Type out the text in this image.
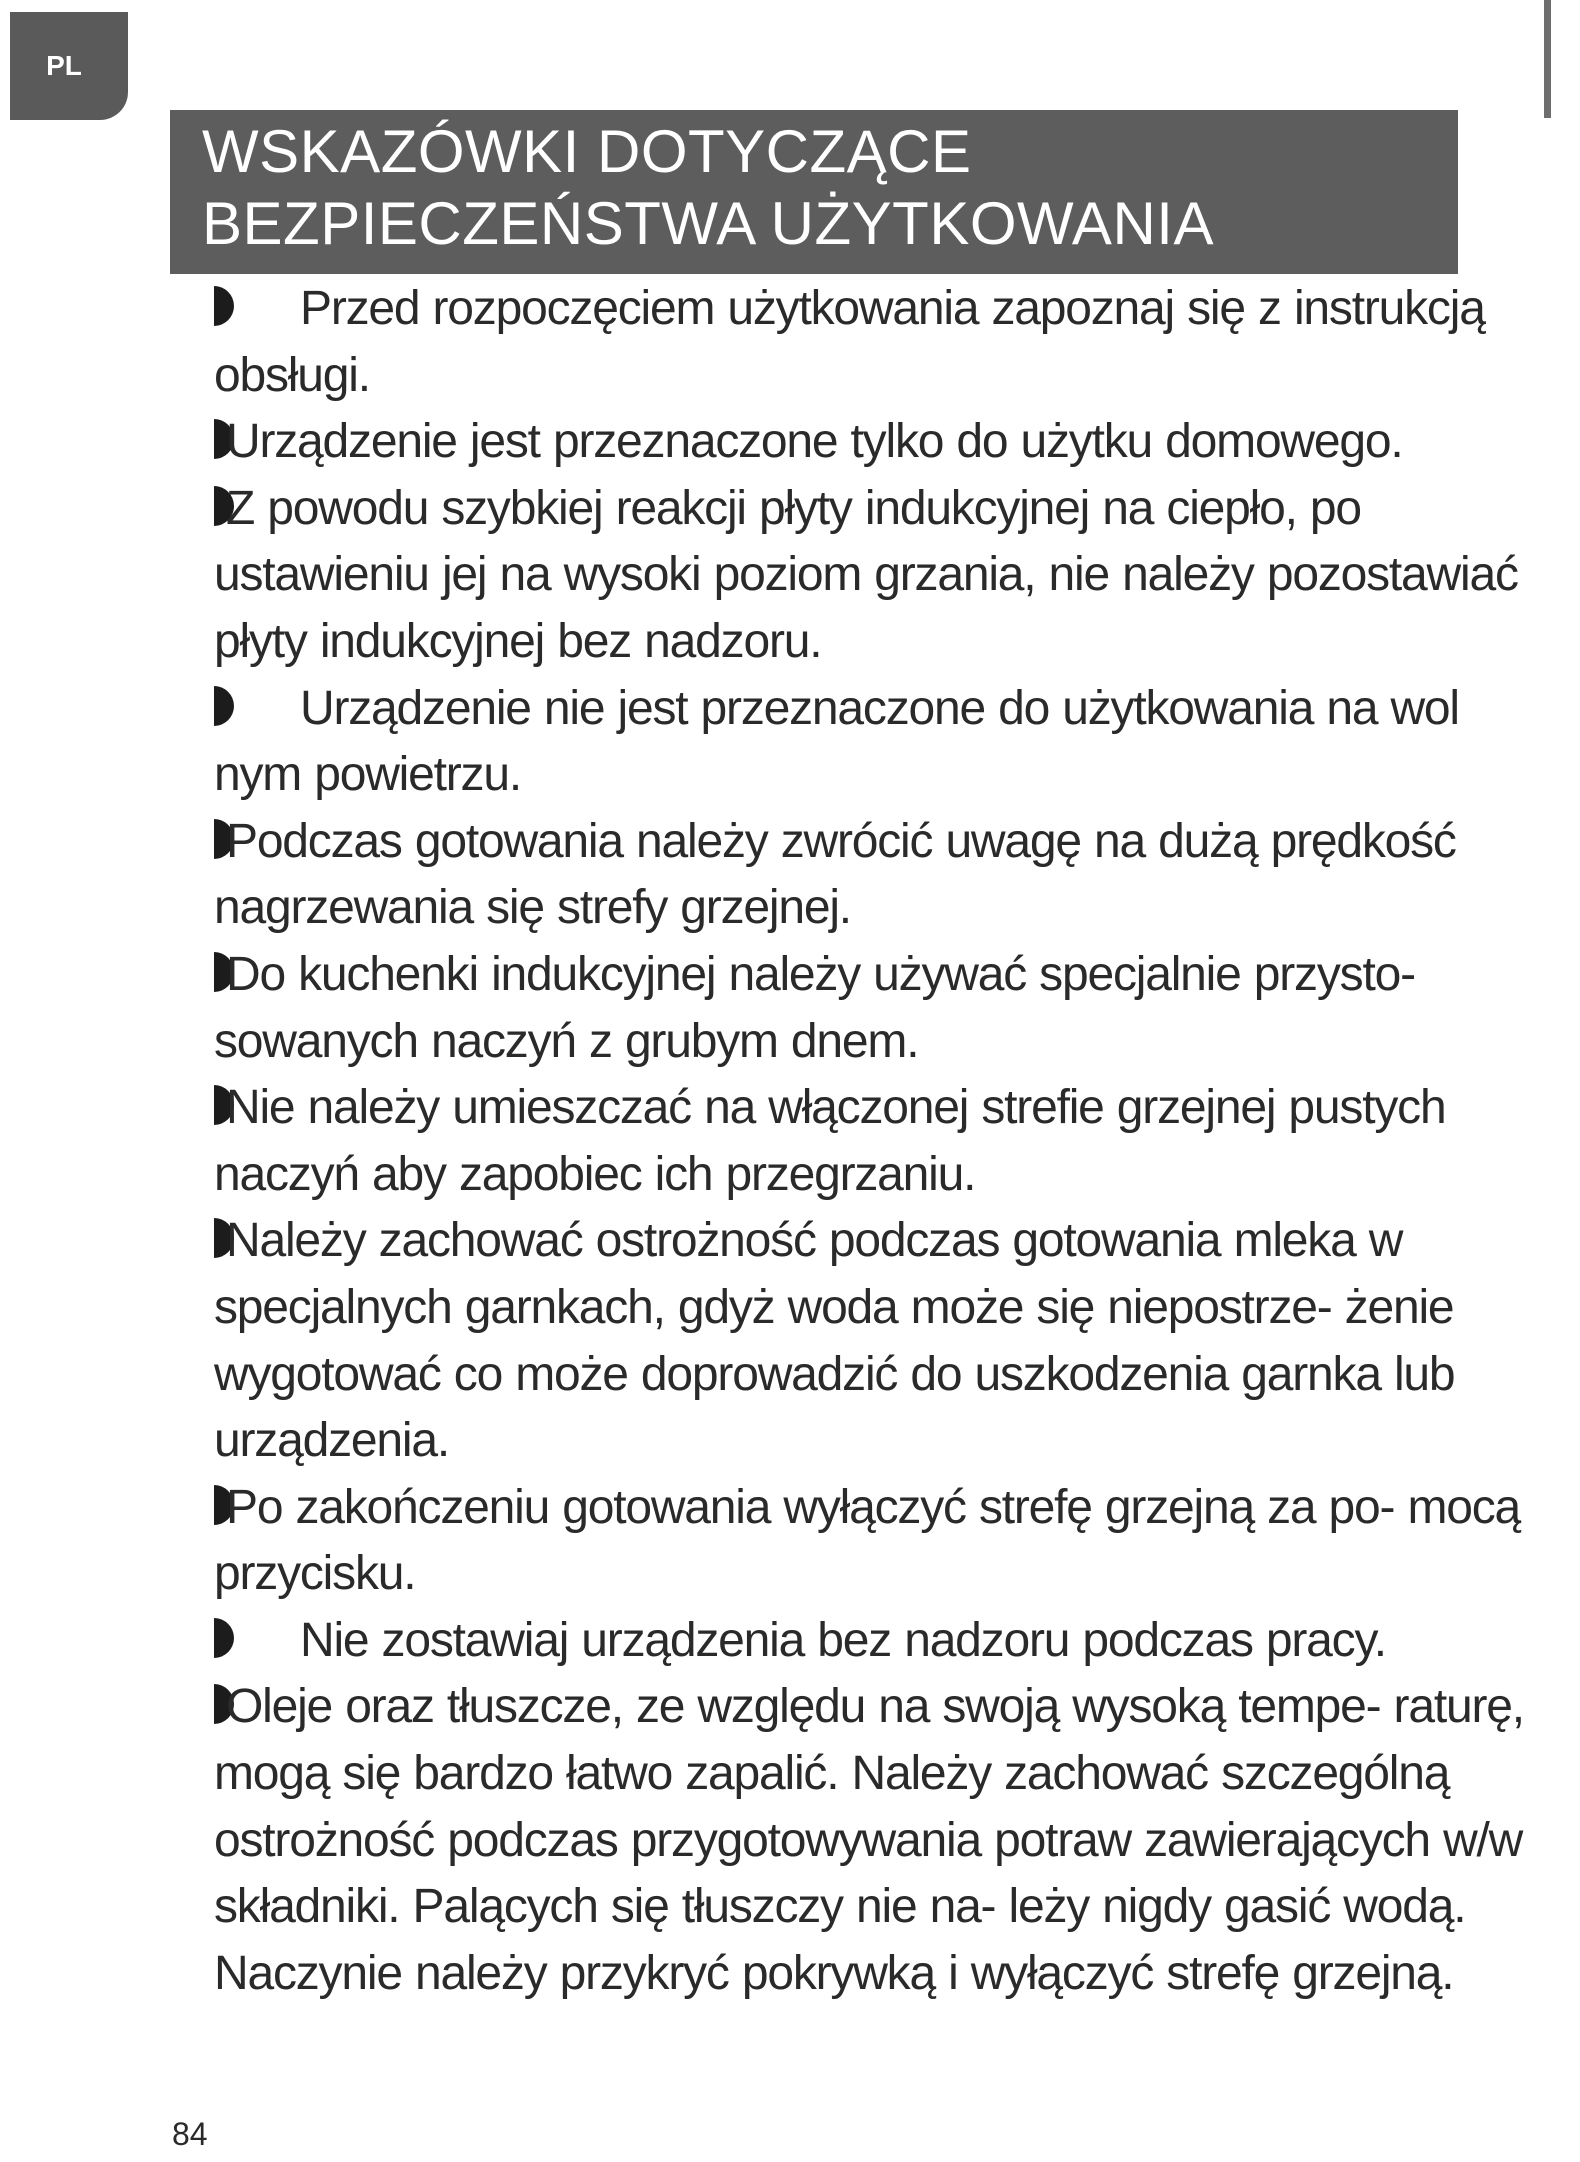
PL
WSKAZÓWKI DOTYCZĄCE
BEZPIECZEŃSTWA UŻYTKOWANIA
Przed rozpoczęciem użytkowania zapoznaj się z instrukcją obsługi.
Urządzenie jest przeznaczone tylko do użytku domowego.
Z powodu szybkiej reakcji płyty indukcyjnej na ciepło, po ustawieniu jej na wysoki poziom grzania, nie należy pozostawiać płyty indukcyjnej bez nadzoru.
Urządzenie nie jest przeznaczone do użytkowania na wol nym powietrzu.
Podczas gotowania należy zwrócić uwagę na dużą prędkość nagrzewania się strefy grzejnej.
Do kuchenki indukcyjnej należy używać specjalnie przysto- sowanych naczyń z grubym dnem.
Nie należy umieszczać na włączonej strefie grzejnej pustych naczyń aby zapobiec ich przegrzaniu.
Należy zachować ostrożność podczas gotowania mleka w specjalnych garnkach, gdyż woda może się niepostrze- żenie wygotować co może doprowadzić do uszkodzenia garnka lub urządzenia.
Po zakończeniu gotowania wyłączyć strefę grzejną za po- mocą przycisku.
Nie zostawiaj urządzenia bez nadzoru podczas pracy.
Oleje oraz tłuszcze, ze względu na swoją wysoką tempe- raturę, mogą się bardzo łatwo zapalić. Należy zachować szczególną ostrożność podczas przygotowywania potraw zawierających w/w składniki. Palących się tłuszczy nie na- leży nigdy gasić wodą. Naczynie należy przykryć pokrywką i wyłączyć strefę grzejną.
84
